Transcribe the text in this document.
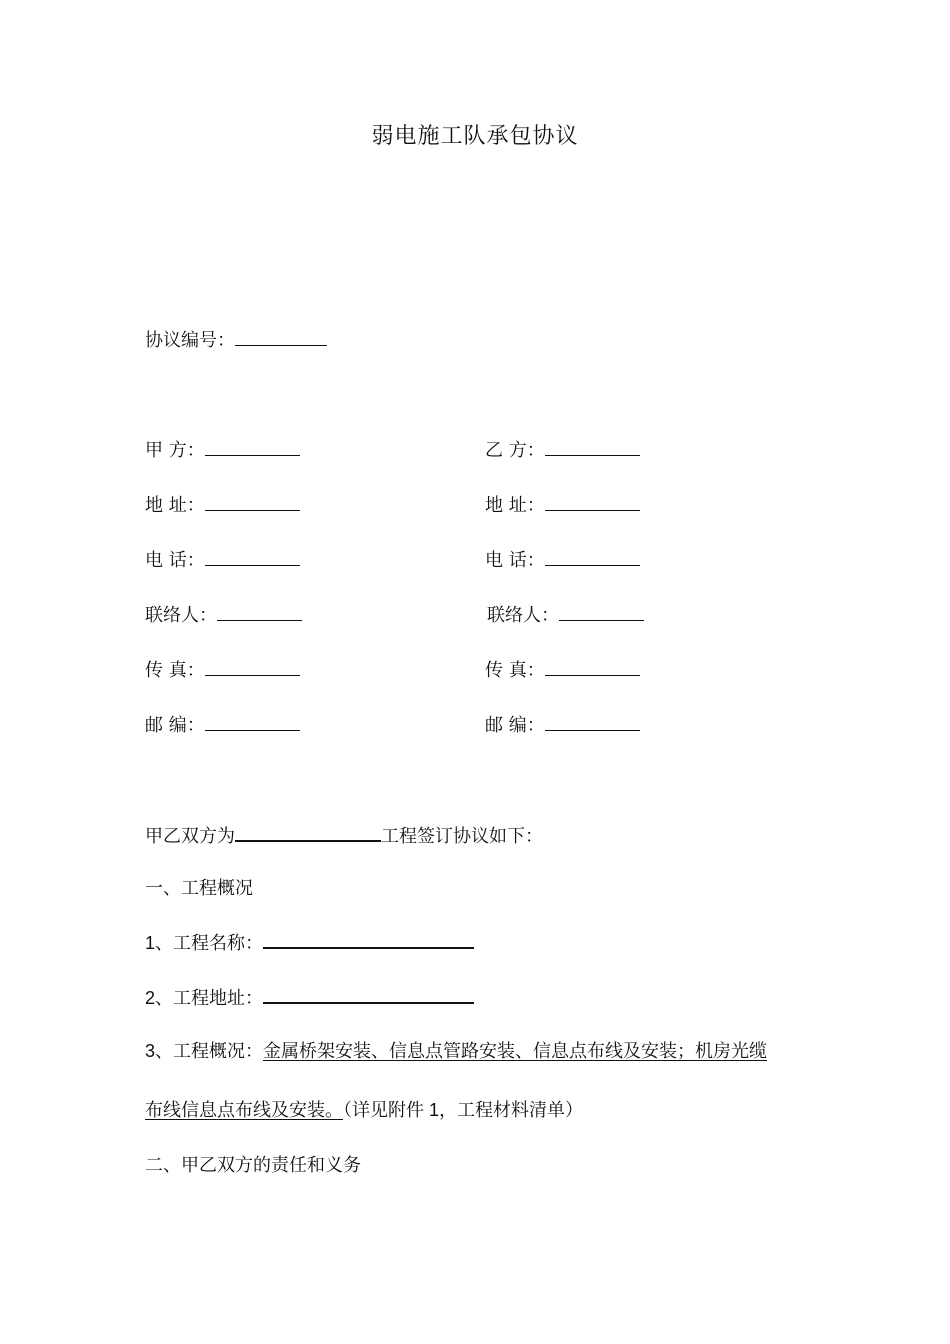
弱电施工队承包协议
协议编号：
甲 方：
地 址：
电 话：
联络人：
传 真：
邮 编：
乙 方：
地 址：
电 话：
联络人：
传 真：
邮 编：
甲乙双方为	工程签订协议如下：
一、工程概况
1、工程名称：
2、工程地址：
3、工程概况：金属桥架安装、信息点管路安装、信息点布线及安装；机房光缆
布线信息点布线及安装。（详见附件 1，工程材料清单）
二、甲乙双方的责任和义务
